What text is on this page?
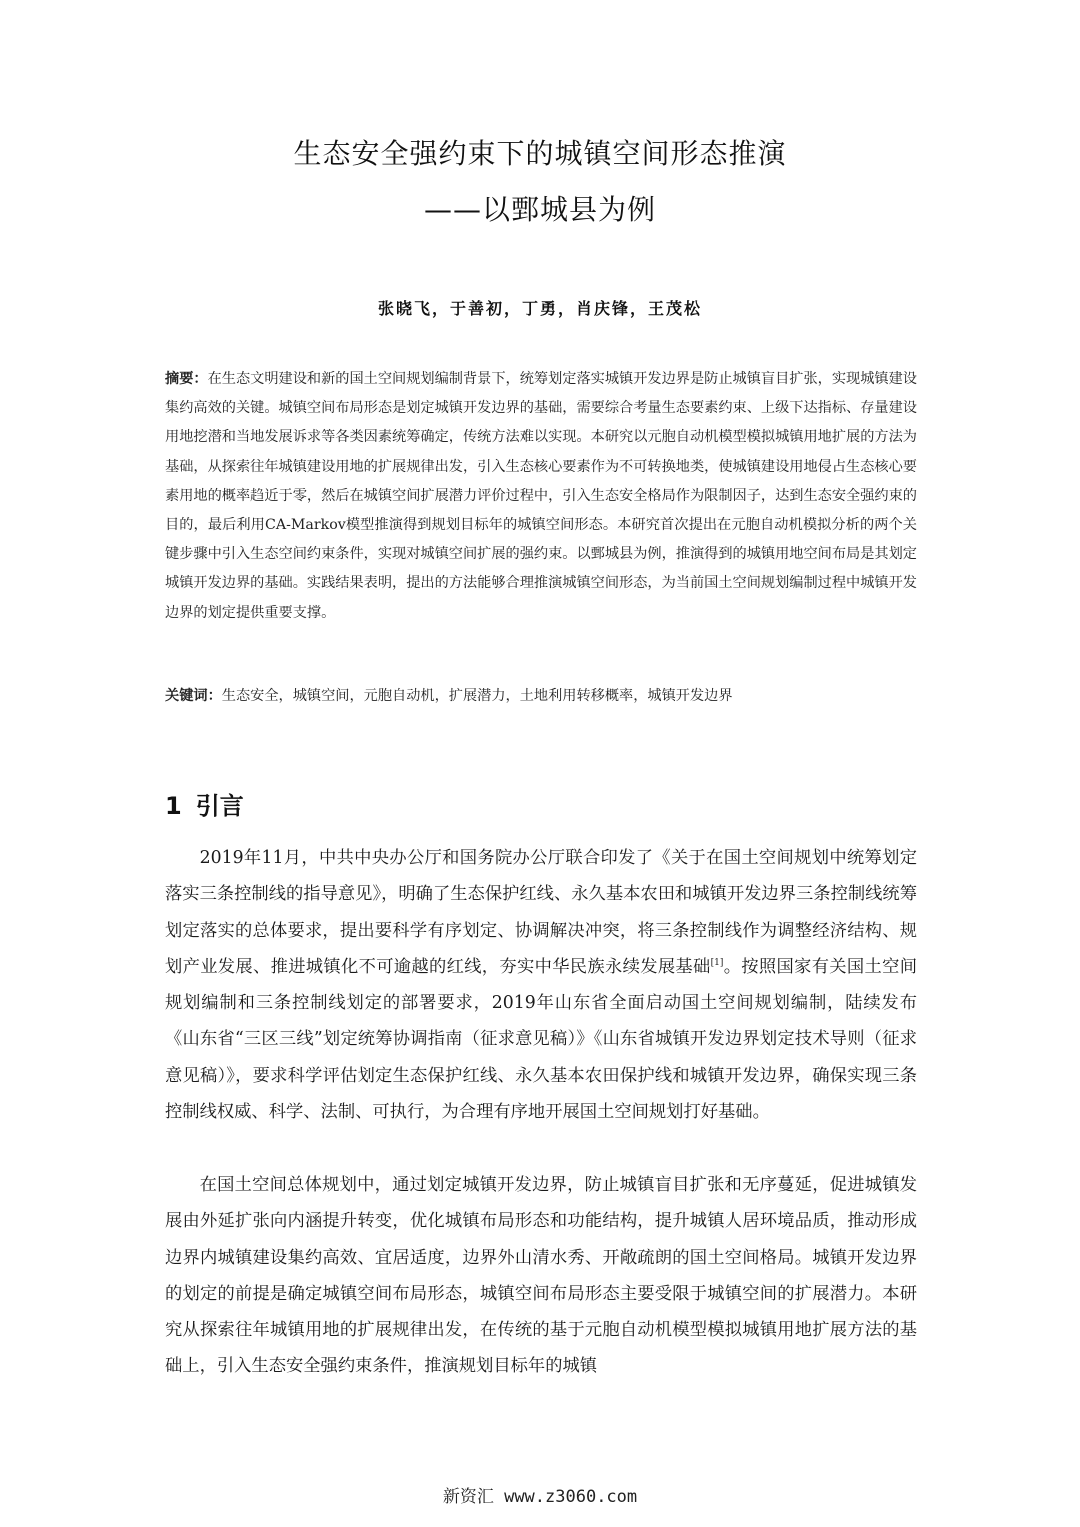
生态安全强约束下的城镇空间形态推演
——以鄄城县为例
张晓飞，于善初，丁勇，肖庆锋，王茂松
摘要：在生态文明建设和新的国土空间规划编制背景下，统筹划定落实城镇开发边界是防止城镇盲目扩张，实现城镇建设集约高效的关键。城镇空间布局形态是划定城镇开发边界的基础，需要综合考量生态要素约束、上级下达指标、存量建设用地挖潜和当地发展诉求等各类因素统筹确定，传统方法难以实现。本研究以元胞自动机模型模拟城镇用地扩展的方法为基础，从探索往年城镇建设用地的扩展规律出发，引入生态核心要素作为不可转换地类，使城镇建设用地侵占生态核心要素用地的概率趋近于零，然后在城镇空间扩展潜力评价过程中，引入生态安全格局作为限制因子，达到生态安全强约束的目的，最后利用CA-Markov模型推演得到规划目标年的城镇空间形态。本研究首次提出在元胞自动机模拟分析的两个关键步骤中引入生态空间约束条件，实现对城镇空间扩展的强约束。以鄄城县为例，推演得到的城镇用地空间布局是其划定城镇开发边界的基础。实践结果表明，提出的方法能够合理推演城镇空间形态，为当前国土空间规划编制过程中城镇开发边界的划定提供重要支撑。
关键词：生态安全，城镇空间，元胞自动机，扩展潜力，土地利用转移概率，城镇开发边界
1 引言

2019年11月，中共中央办公厅和国务院办公厅联合印发了《关于在国土空间规划中统筹划定落实三条控制线的指导意见》，明确了生态保护红线、永久基本农田和城镇开发边界三条控制线统筹划定落实的总体要求，提出要科学有序划定、协调解决冲突，将三条控制线作为调整经济结构、规划产业发展、推进城镇化不可逾越的红线，夯实中华民族永续发展基础[1]。按照国家有关国土空间规划编制和三条控制线划定的部署要求，2019年山东省全面启动国土空间规划编制，陆续发布《山东省“三区三线”划定统筹协调指南（征求意见稿）》《山东省城镇开发边界划定技术导则（征求意见稿）》，要求科学评估划定生态保护红线、永久基本农田保护线和城镇开发边界，确保实现三条控制线权威、科学、法制、可执行，为合理有序地开展国土空间规划打好基础。

在国土空间总体规划中，通过划定城镇开发边界，防止城镇盲目扩张和无序蔓延，促进城镇发展由外延扩张向内涵提升转变，优化城镇布局形态和功能结构，提升城镇人居环境品质，推动形成边界内城镇建设集约高效、宜居适度，边界外山清水秀、开敞疏朗的国土空间格局。城镇开发边界的划定的前提是确定城镇空间布局形态，城镇空间布局形态主要受限于城镇空间的扩展潜力。本研究从探索往年城镇用地的扩展规律出发，在传统的基于元胞自动机模型模拟城镇用地扩展方法的基础上，引入生态安全强约束条件，推演规划目标年的城镇

新资汇 www.z3060.com
